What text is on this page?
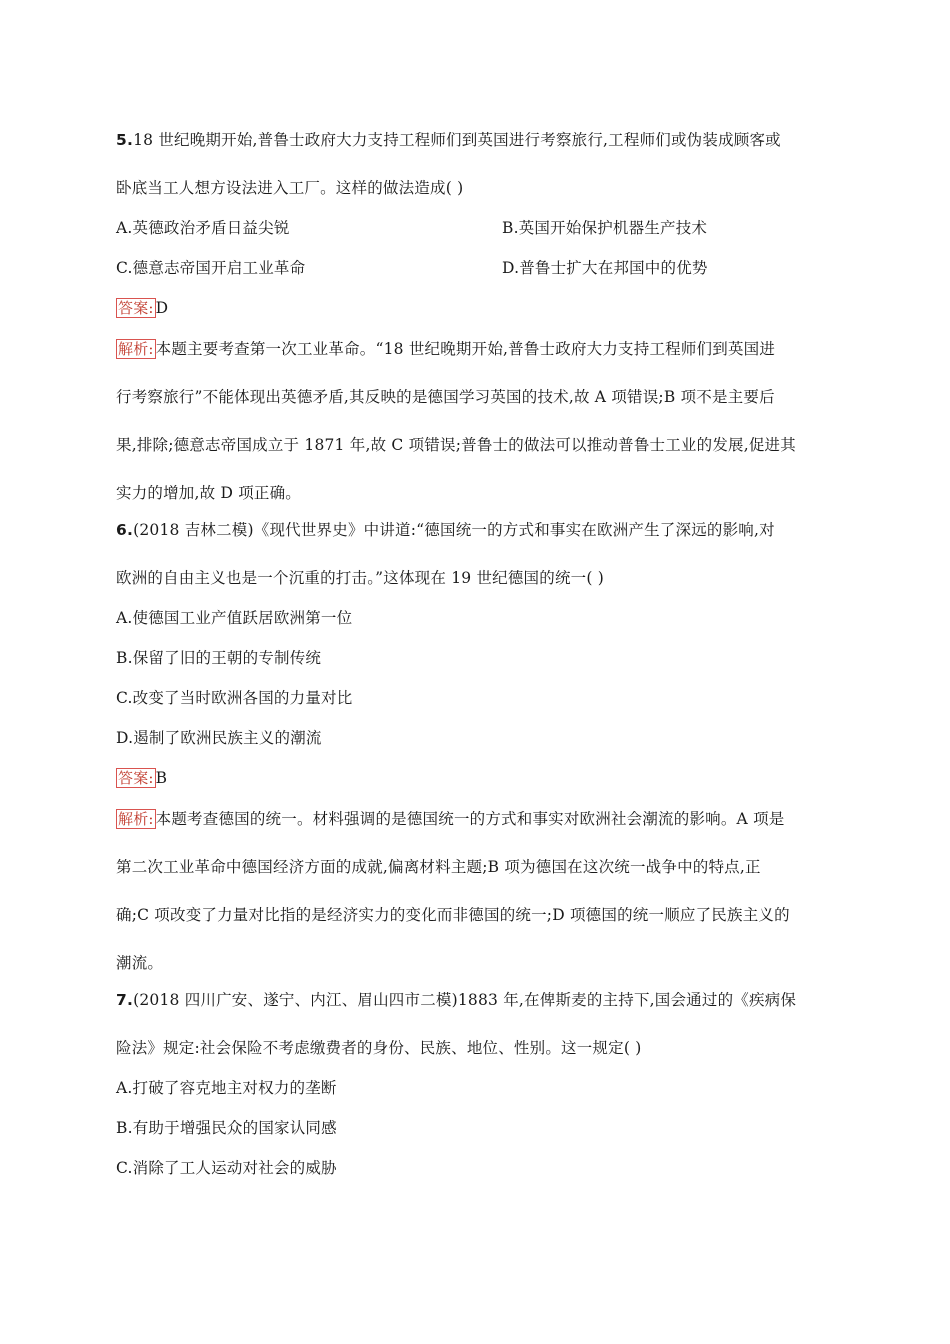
5.18 世纪晚期开始,普鲁士政府大力支持工程师们到英国进行考察旅行,工程师们或伪装成顾客或
卧底当工人想方设法进入工厂。这样的做法造成( )
A.英德政治矛盾日益尖锐	B.英国开始保护机器生产技术
C.德意志帝国开启工业革命	D.普鲁士扩大在邦国中的优势
答案: D
解析: 本题主要考查第一次工业革命。“18 世纪晚期开始,普鲁士政府大力支持工程师们到英国进
行考察旅行”不能体现出英德矛盾,其反映的是德国学习英国的技术,故 A 项错误;B 项不是主要后
果,排除;德意志帝国成立于 1871 年,故 C 项错误;普鲁士的做法可以推动普鲁士工业的发展,促进其
实力的增加,故 D 项正确。
6.(2018 吉林二模)《现代世界史》中讲道:“德国统一的方式和事实在欧洲产生了深远的影响,对
欧洲的自由主义也是一个沉重的打击。”这体现在 19 世纪德国的统一( )
A.使德国工业产值跃居欧洲第一位
B.保留了旧的王朝的专制传统
C.改变了当时欧洲各国的力量对比
D.遏制了欧洲民族主义的潮流
答案: B
解析: 本题考查德国的统一。材料强调的是德国统一的方式和事实对欧洲社会潮流的影响。A 项是
第二次工业革命中德国经济方面的成就,偏离材料主题;B 项为德国在这次统一战争中的特点,正
确;C 项改变了力量对比指的是经济实力的变化而非德国的统一;D 项德国的统一顺应了民族主义的
潮流。
7.(2018 四川广安、遂宁、内江、眉山四市二模)1883 年,在俾斯麦的主持下,国会通过的《疾病保
险法》规定:社会保险不考虑缴费者的身份、民族、地位、性别。这一规定( )
A.打破了容克地主对权力的垄断
B.有助于增强民众的国家认同感
C.消除了工人运动对社会的威胁
